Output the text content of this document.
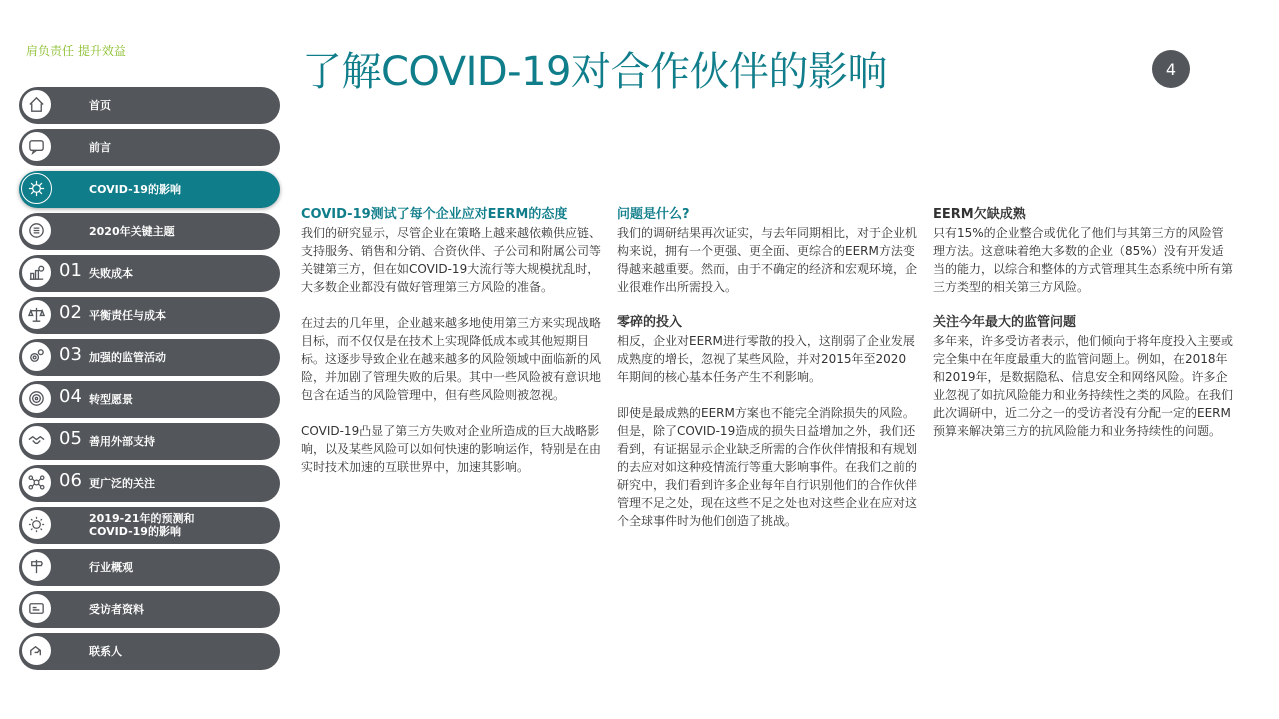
肩负责任 提升效益	了解COVID-19对合作伙伴的影响	4
首页
前言
COVID-19的影响
2020年关键主题
01 失败成本
02 平衡责任与成本
03 加强的监管活动
04 转型愿景
05 善用外部支持
06 更广泛的关注
2019-21年的预测和
COVID-19的影响
行业概观
受访者资料
联系人
COVID-19测试了每个企业应对EERM的态度

我们的研究显示，尽管企业在策略上越来越依赖供应链、支持服务、销售和分销、合资伙伴、子公司和附属公司等关键第三方，但在如COVID-19大流行等大规模扰乱时，大多数企业都没有做好管理第三方风险的准备。

在过去的几年里，企业越来越多地使用第三方来实现战略目标，而不仅仅是在技术上实现降低成本或其他短期目标。这逐步导致企业在越来越多的风险领域中面临新的风险，并加剧了管理失败的后果。其中一些风险被有意识地包含在适当的风险管理中，但有些风险则被忽视。

COVID-19凸显了第三方失败对企业所造成的巨大战略影响，以及某些风险可以如何快速的影响运作，特别是在由实时技术加速的互联世界中，加速其影响。

问题是什么?

我们的调研结果再次证实，与去年同期相比，对于企业机构来说，拥有一个更强、更全面、更综合的EERM方法变得越来越重要。然而，由于不确定的经济和宏观环境，企业很难作出所需投入。

零碎的投入

相反，企业对EERM进行零散的投入，这削弱了企业发展成熟度的增长，忽视了某些风险，并对2015年至2020年期间的核心基本任务产生不利影响。

即使是最成熟的EERM方案也不能完全消除损失的风险。但是，除了COVID-19造成的损失日益增加之外，我们还看到，有证据显示企业缺乏所需的合作伙伴情报和有规划的去应对如这种疫情流行等重大影响事件。在我们之前的研究中，我们看到许多企业每年自行识别他们的合作伙伴管理不足之处，现在这些不足之处也对这些企业在应对这个全球事件时为他们创造了挑战。

EERM欠缺成熟

只有15%的企业整合或优化了他们与其第三方的风险管理方法。这意味着绝大多数的企业（85%）没有开发适当的能力，以综合和整体的方式管理其生态系统中所有第三方类型的相关第三方风险。

关注今年最大的监管问题

多年来，许多受访者表示，他们倾向于将年度投入主要或完全集中在年度最重大的监管问题上。例如，在2018年和2019年，是数据隐私、信息安全和网络风险。许多企业忽视了如抗风险能力和业务持续性之类的风险。在我们此次调研中，近二分之一的受访者没有分配一定的EERM预算来解决第三方的抗风险能力和业务持续性的问题。
